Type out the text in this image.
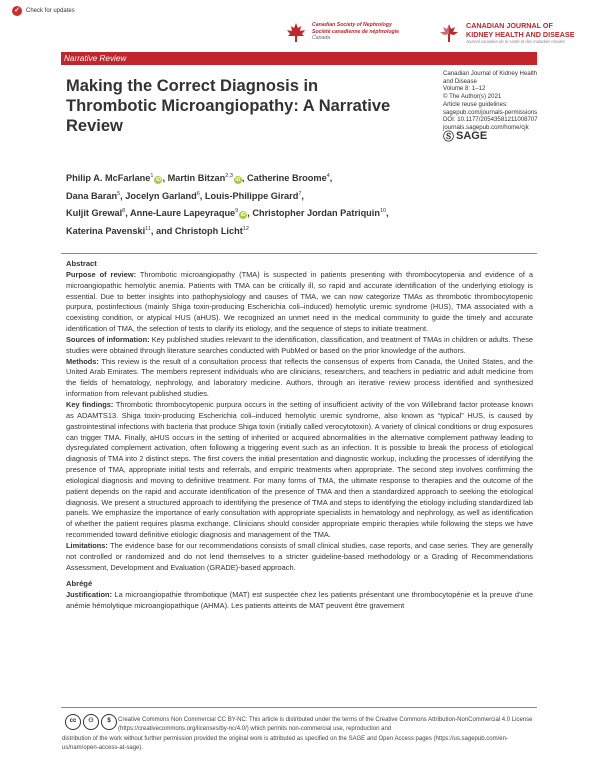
✓	Check for updates
Canadian Society of Nephrology
Société canadienne de néphrologie
Canada
CANADIAN JOURNAL OF
KIDNEY HEALTH AND DISEASE
Journal canadien de la santé et des maladies rénales
Narrative Review
Making the Correct Diagnosis in Thrombotic Microangiopathy: A Narrative Review
Canadian Journal of Kidney Health
and Disease
Volume 8: 1–12
© The Author(s) 2021
Article reuse guidelines:
sagepub.com/journals-permissions
DOI: 10.1177/20543581211008707
journals.sagepub.com/home/cjk
Ⓢ SAGE
Philip A. McFarlane$^1$iD , Martin Bitzan$^{2,3}$iD , Catherine Broome$^4$,
Dana Baran$^5$, Jocelyn Garland$^6$, Louis-Philippe Girard$^7$,
Kuljit Grewal$^8$, Anne-Laure Lapeyraque$^9$iD , Christopher Jordan Patriquin$^{10}$,
Katerina Pavenski$^{11}$, and Christoph Licht$^{12}$
Abstract

Purpose of review: Thrombotic microangiopathy (TMA) is suspected in patients presenting with thrombocytopenia and evidence of a microangiopathic hemolytic anemia. Patients with TMA can be critically ill, so rapid and accurate identification of the underlying etiology is essential. Due to better insights into pathophysiology and causes of TMA, we can now categorize TMAs as thrombotic thrombocytopenic purpura, postinfectious (mainly Shiga toxin-producing Escherichia coli–induced) hemolytic uremic syndrome (HUS), TMA associated with a coexisting condition, or atypical HUS (aHUS). We recognized an unmet need in the medical community to guide the timely and accurate identification of TMA, the selection of tests to clarify its etiology, and the sequence of steps to initiate treatment.

Sources of information: Key published studies relevant to the identification, classification, and treatment of TMAs in children or adults. These studies were obtained through literature searches conducted with PubMed or based on the prior knowledge of the authors.

Methods: This review is the result of a consultation process that reflects the consensus of experts from Canada, the United States, and the United Arab Emirates. The members represent individuals who are clinicians, researchers, and teachers in pediatric and adult medicine from the fields of hematology, nephrology, and laboratory medicine. Authors, through an iterative review process identified and synthesized information from relevant published studies.

Key findings: Thrombotic thrombocytopenic purpura occurs in the setting of insufficient activity of the von Willebrand factor protease known as ADAMTS13. Shiga toxin-producing Escherichia coli–induced hemolytic uremic syndrome, also known as “typical” HUS, is caused by gastrointestinal infections with bacteria that produce Shiga toxin (initially called verocytotoxin). A variety of clinical conditions or drug exposures can trigger TMA. Finally, aHUS occurs in the setting of inherited or acquired abnormalities in the alternative complement pathway leading to dysregulated complement activation, often following a triggering event such as an infection. It is possible to break the process of etiological diagnosis of TMA into 2 distinct steps. The first covers the initial presentation and diagnostic workup, including the processes of identifying the presence of TMA, appropriate initial tests and referrals, and empiric treatments when appropriate. The second step involves confirming the etiological diagnosis and moving to definitive treatment. For many forms of TMA, the ultimate response to therapies and the outcome of the patient depends on the rapid and accurate identification of the presence of TMA and then a standardized approach to seeking the etiological diagnosis. We present a structured approach to identifying the presence of TMA and steps to identifying the etiology including standardized lab panels. We emphasize the importance of early consultation with appropriate specialists in hematology and nephrology, as well as identification of whether the patient requires plasma exchange. Clinicians should consider appropriate empiric therapies while following the steps we have recommended toward definitive etiologic diagnosis and management of the TMA.

Limitations: The evidence base for our recommendations consists of small clinical studies, case reports, and case series. They are generally not controlled or randomized and do not lend themselves to a stricter guideline-based methodology or a Grading of Recommendations Assessment, Development and Evaluation (GRADE)-based approach.

Abrégé

Justification: La microangiopathie thrombotique (MAT) est suspectée chez les patients présentant une thrombocytopénie et la preuve d’une anémie hémolytique microangiopathique (AHMA). Les patients atteints de MAT peuvent être gravement

cc	⚇	$	Creative Commons Non Commercial CC BY-NC: This article is distributed under the terms of the Creative Commons Attribution-NonCommercial 4.0 License (https://creativecommons.org/licenses/by-nc/4.0/) which permits non-commercial use, reproduction and
distribution of the work without further permission provided the original work is attributed as specified on the SAGE and Open Access pages (https://us.sagepub.com/en-us/nam/open-access-at-sage).
